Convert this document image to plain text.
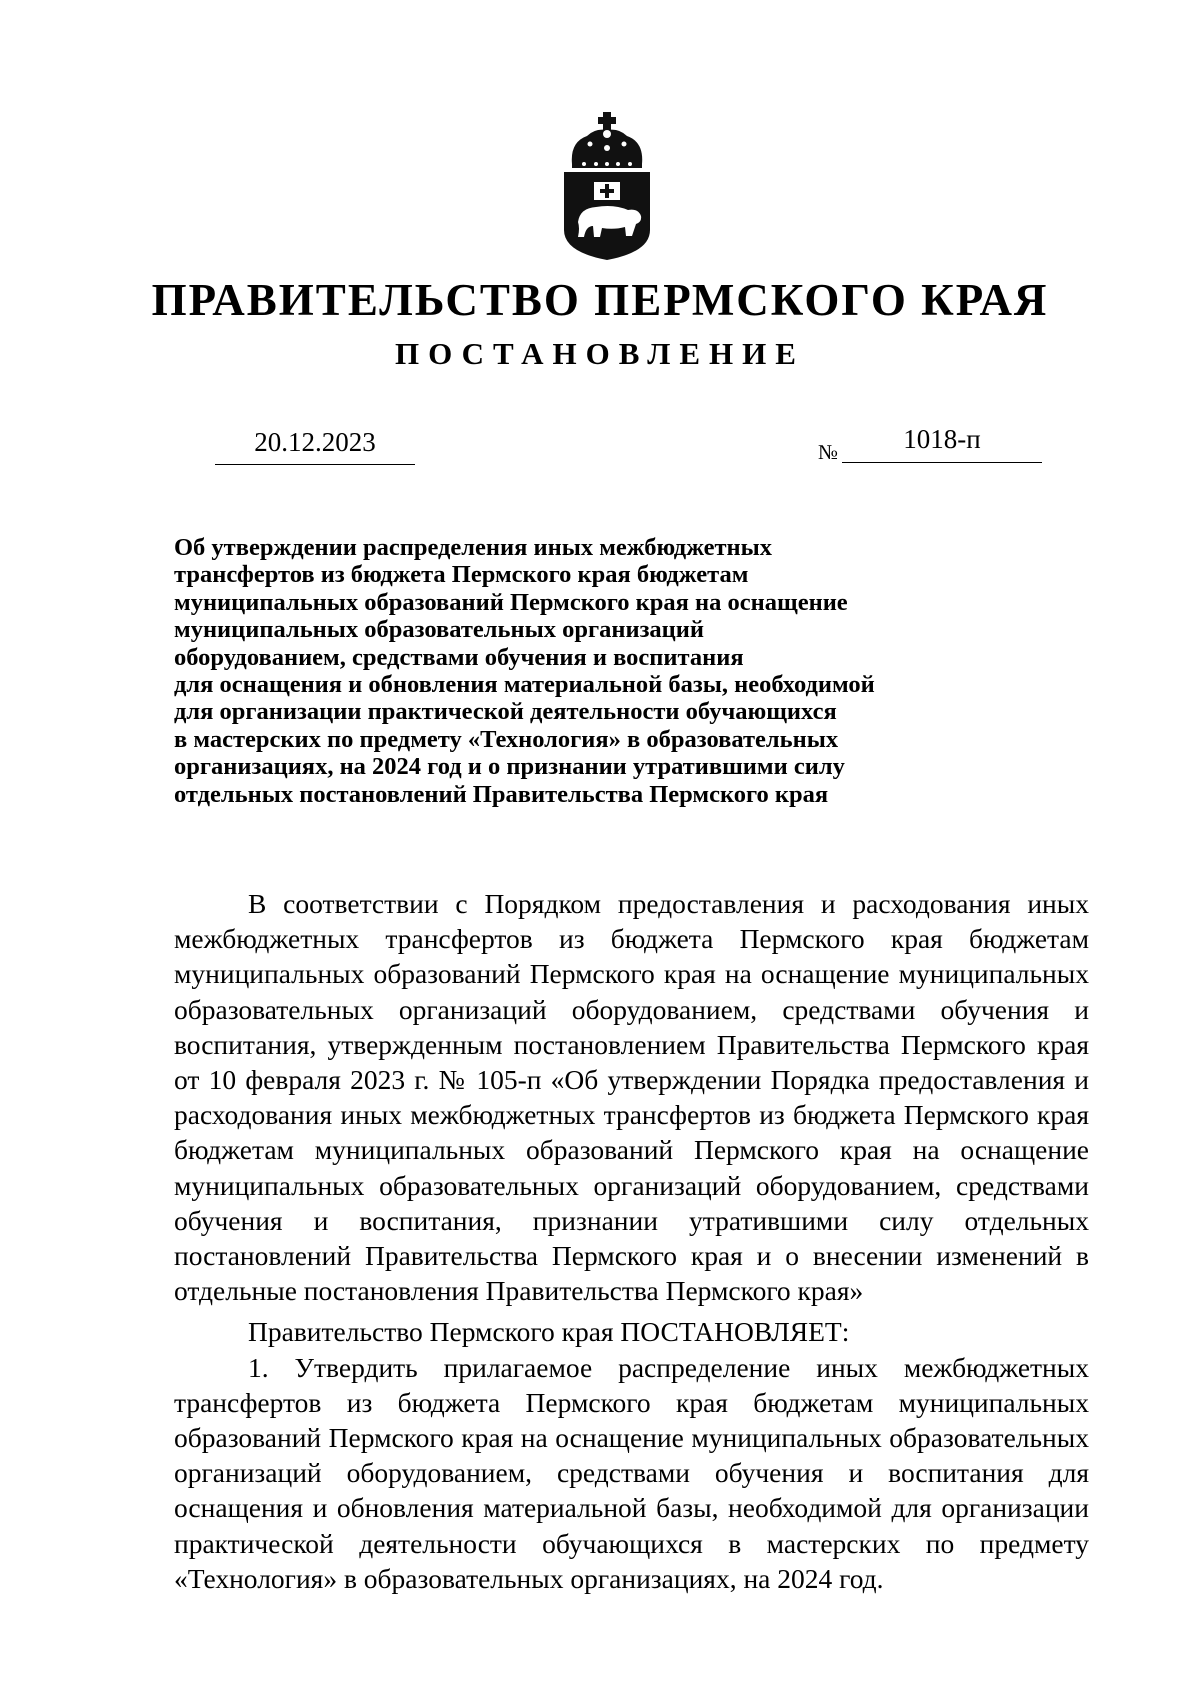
ПРАВИТЕЛЬСТВО ПЕРМСКОГО КРАЯ
ПОСТАНОВЛЕНИЕ
20.12.2023	№	1018-п
Об утверждении распределения иных межбюджетных
трансфертов из бюджета Пермского края бюджетам
муниципальных образований Пермского края на оснащение
муниципальных образовательных организаций
оборудованием, средствами обучения и воспитания
для оснащения и обновления материальной базы, необходимой
для организации практической деятельности обучающихся
в мастерских по предмету «Технология» в образовательных
организациях, на 2024 год и о признании утратившими силу
отдельных постановлений Правительства Пермского края

В соответствии с Порядком предоставления и расходования иных межбюджетных трансфертов из бюджета Пермского края бюджетам муниципальных образований Пермского края на оснащение муниципальных образовательных организаций оборудованием, средствами обучения и воспитания, утвержденным постановлением Правительства Пермского края от 10 февраля 2023 г. № 105-п «Об утверждении Порядка предоставления и расходования иных межбюджетных трансфертов из бюджета Пермского края бюджетам муниципальных образований Пермского края на оснащение муниципальных образовательных организаций оборудованием, средствами обучения и воспитания, признании утратившими силу отдельных постановлений Правительства Пермского края и о внесении изменений в отдельные постановления Правительства Пермского края»

Правительство Пермского края ПОСТАНОВЛЯЕТ:

1. Утвердить прилагаемое распределение иных межбюджетных трансфертов из бюджета Пермского края бюджетам муниципальных образований Пермского края на оснащение муниципальных образовательных организаций оборудованием, средствами обучения и воспитания для оснащения и обновления материальной базы, необходимой для организации практической деятельности обучающихся в мастерских по предмету «Технология» в образовательных организациях, на 2024 год.
